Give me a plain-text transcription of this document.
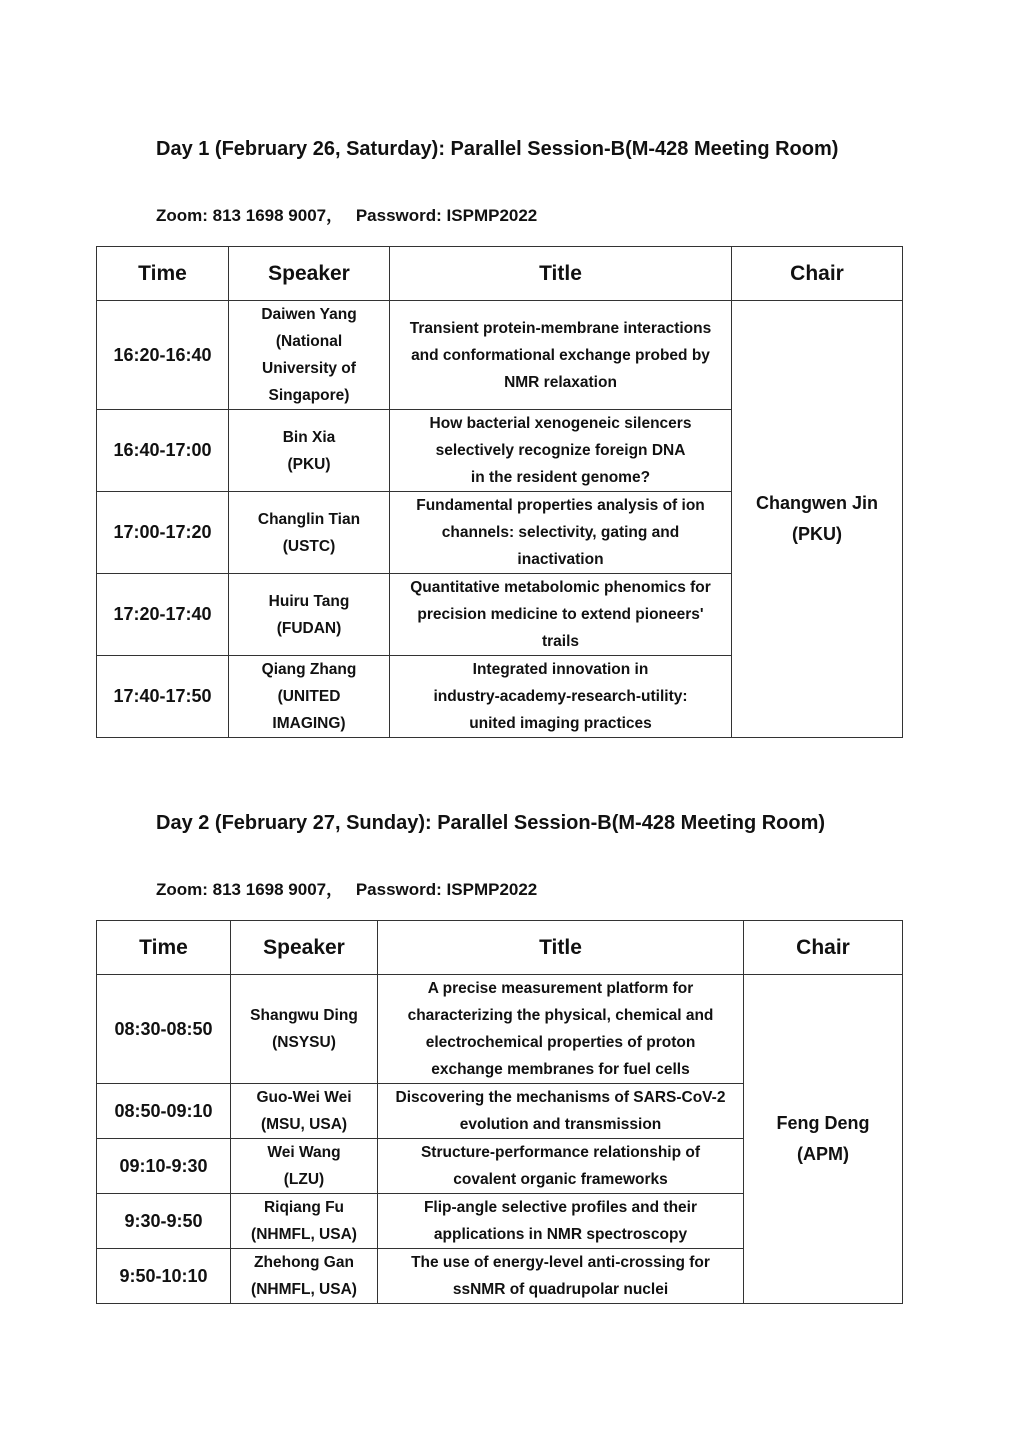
Day 1 (February 26, Saturday): Parallel Session-B(M-428 Meeting Room)
Zoom: 813 1698 9007， Password: ISPMP2022
Time	Speaker	Title	Chair
16:20-16:40	Daiwen Yang
(National
University of
Singapore)	Transient protein-membrane interactions
and conformational exchange probed by
NMR relaxation	Changwen Jin
(PKU)

16:40-17:00	Bin Xia
(PKU)	How bacterial xenogeneic silencers
selectively recognize foreign DNA
in the resident genome?	

17:00-17:20	Changlin Tian
(USTC)	Fundamental properties analysis of ion
channels: selectivity, gating and
inactivation	

17:20-17:40	Huiru Tang
(FUDAN)	Quantitative metabolomic phenomics for
precision medicine to extend pioneers'
trails	

17:40-17:50	Qiang Zhang
(UNITED
IMAGING)	Integrated innovation in
industry-academy-research-utility:
united imaging practices	
Day 2 (February 27, Sunday): Parallel Session-B(M-428 Meeting Room)
Zoom: 813 1698 9007， Password: ISPMP2022
Time	Speaker	Title	Chair
08:30-08:50	Shangwu Ding
(NSYSU)	A precise measurement platform for
characterizing the physical, chemical and
electrochemical properties of proton
exchange membranes for fuel cells	Feng Deng
(APM)

08:50-09:10	Guo-Wei Wei
(MSU, USA)	Discovering the mechanisms of SARS-CoV-2
evolution and transmission	

09:10-9:30	Wei Wang
(LZU)	Structure-performance relationship of
covalent organic frameworks	

9:30-9:50	Riqiang Fu
(NHMFL, USA)	Flip-angle selective profiles and their
applications in NMR spectroscopy	

9:50-10:10	Zhehong Gan
(NHMFL, USA)	The use of energy-level anti-crossing for
ssNMR of quadrupolar nuclei	
